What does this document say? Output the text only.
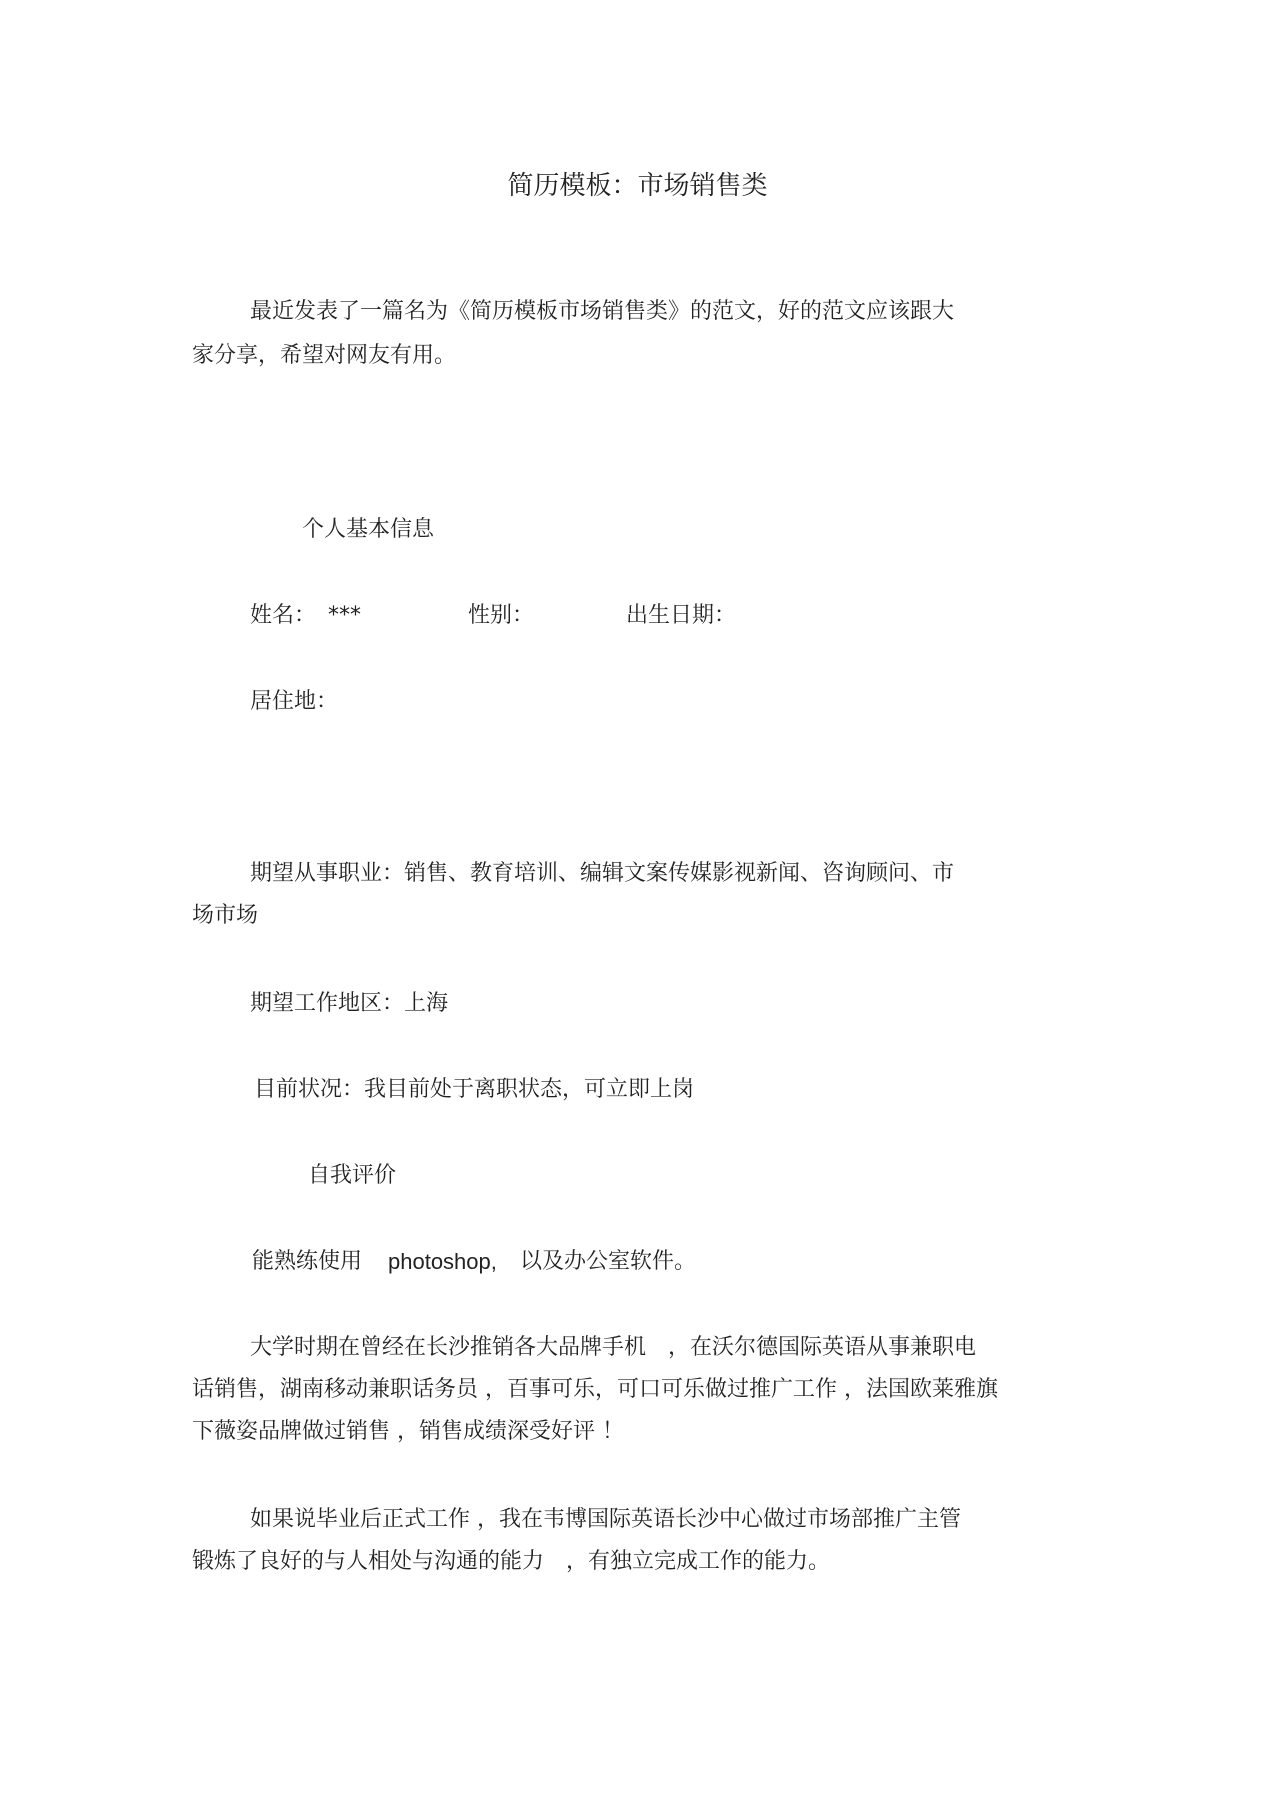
简历模板：市场销售类
最近发表了一篇名为《简历模板市场销售类》的范文，好的范文应该跟大
家分享，希望对网友有用。
个人基本信息
姓名： ***	性别：	出生日期：
居住地：
期望从事职业：销售、教育培训、编辑文案传媒影视新闻、咨询顾问、市
场市场
期望工作地区：上海
目前状况：我目前处于离职状态，可立即上岗
自我评价
能熟练使用 photoshop, 以及办公室软件。
大学时期在曾经在长沙推销各大品牌手机　，在沃尔德国际英语从事兼职电
话销售，湖南移动兼职话务员 ，百事可乐，可口可乐做过推广工作 ，法国欧莱雅旗
下薇姿品牌做过销售 ，销售成绩深受好评 ！
如果说毕业后正式工作 ，我在韦博国际英语长沙中心做过市场部推广主管
锻炼了良好的与人相处与沟通的能力　，有独立完成工作的能力。
